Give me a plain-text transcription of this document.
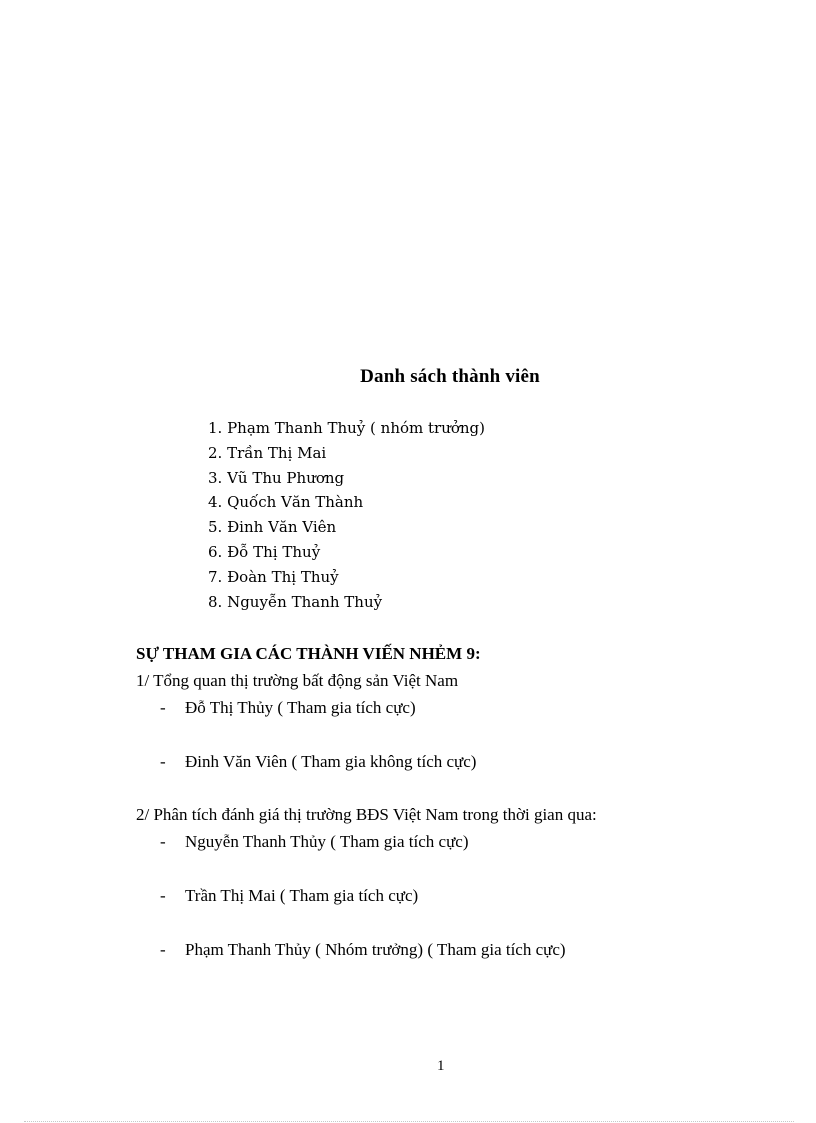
Danh sách thành viên
1. Phạm Thanh Thuỷ ( nhóm trưởng)
2. Trần Thị Mai
3. Vũ Thu Phương
4. Quốch Văn Thành
5. Đinh Văn Viên
6. Đỗ Thị Thuỷ
7. Đoàn Thị Thuỷ
8. Nguyễn Thanh Thuỷ
SỰ THAM GIA CÁC THÀNH VIẾN NHẺM 9:
1/ Tổng quan thị trường bất động sản Việt Nam
- Đỗ Thị Thủy ( Tham gia tích cực)
- Đinh Văn Viên ( Tham gia không tích cực)
2/ Phân tích đánh giá thị trường BĐS Việt Nam trong thời gian qua:
- Nguyễn Thanh Thủy ( Tham gia tích cực)
- Trần Thị Mai ( Tham gia tích cực)
- Phạm Thanh Thủy ( Nhóm trưởng) ( Tham gia tích cực)
1
